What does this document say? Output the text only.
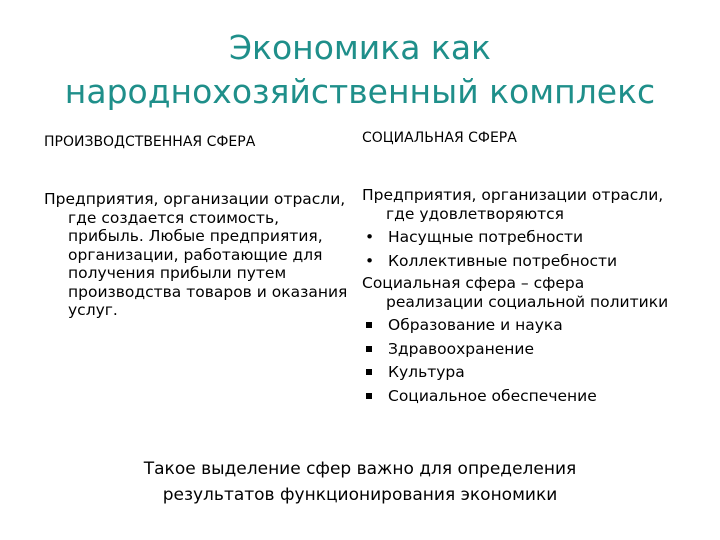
Экономика как
народнохозяйственный комплекс
ПРОИЗВОДСТВЕННАЯ СФЕРА

Предприятия, организации отрасли, где создается стоимость, прибыль. Любые предприятия, организации, работающие для получения прибыли путем производства товаров и оказания услуг.

СОЦИАЛЬНАЯ СФЕРА

Предприятия, организации отрасли, где удовлетворяются

• Насущные потребности
• Коллективные потребности

Социальная сфера – сфера реализации социальной политики

Образование и наука
Здравоохранение
Культура
Социальное обеспечение

Такое выделение сфер важно для определения
результатов функционирования экономики
